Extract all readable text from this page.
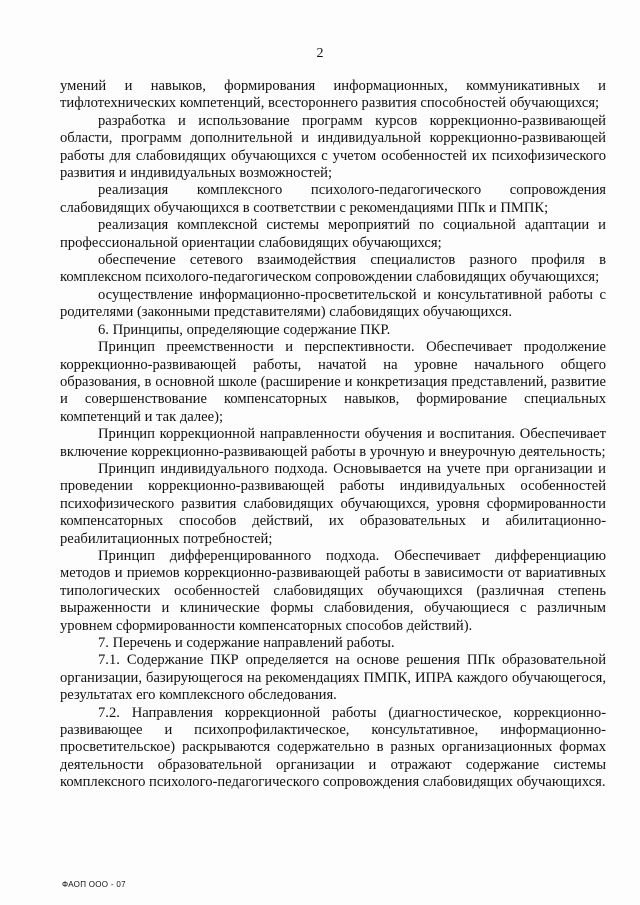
2

умений и навыков, формирования информационных, коммуникативных и тифлотехнических компетенций, всестороннего развития способностей обучающихся;

разработка и использование программ курсов коррекционно-развивающей области, программ дополнительной и индивидуальной коррекционно-развивающей работы для слабовидящих обучающихся с учетом особенностей их психофизического развития и индивидуальных возможностей;

реализация комплексного психолого-педагогического сопровождения слабовидящих обучающихся в соответствии с рекомендациями ППк и ПМПК;

реализация комплексной системы мероприятий по социальной адаптации и профессиональной ориентации слабовидящих обучающихся;

обеспечение сетевого взаимодействия специалистов разного профиля в комплексном психолого-педагогическом сопровождении слабовидящих обучающихся;

осуществление информационно-просветительской и консультативной работы с родителями (законными представителями) слабовидящих обучающихся.

6. Принципы, определяющие содержание ПКР.

Принцип преемственности и перспективности. Обеспечивает продолжение коррекционно-развивающей работы, начатой на уровне начального общего образования, в основной школе (расширение и конкретизация представлений, развитие и совершенствование компенсаторных навыков, формирование специальных компетенций и так далее);

Принцип коррекционной направленности обучения и воспитания. Обеспечивает включение коррекционно-развивающей работы в урочную и внеурочную деятельность;

Принцип индивидуального подхода. Основывается на учете при организации и проведении коррекционно-развивающей работы индивидуальных особенностей психофизического развития слабовидящих обучающихся, уровня сформированности компенсаторных способов действий, их образовательных и абилитационно-реабилитационных потребностей;

Принцип дифференцированного подхода. Обеспечивает дифференциацию методов и приемов коррекционно-развивающей работы в зависимости от вариативных типологических особенностей слабовидящих обучающихся (различная степень выраженности и клинические формы слабовидения, обучающиеся с различным уровнем сформированности компенсаторных способов действий).

7. Перечень и содержание направлений работы.

7.1. Содержание ПКР определяется на основе решения ППк образовательной организации, базирующегося на рекомендациях ПМПК, ИПРА каждого обучающегося, результатах его комплексного обследования.

7.2. Направления коррекционной работы (диагностическое, коррекционно-развивающее и психопрофилактическое, консультативное, информационно-просветительское) раскрываются содержательно в разных организационных формах деятельности образовательной организации и отражают содержание системы комплексного психолого-педагогического сопровождения слабовидящих обучающихся.

ФАОП ООО - 07
